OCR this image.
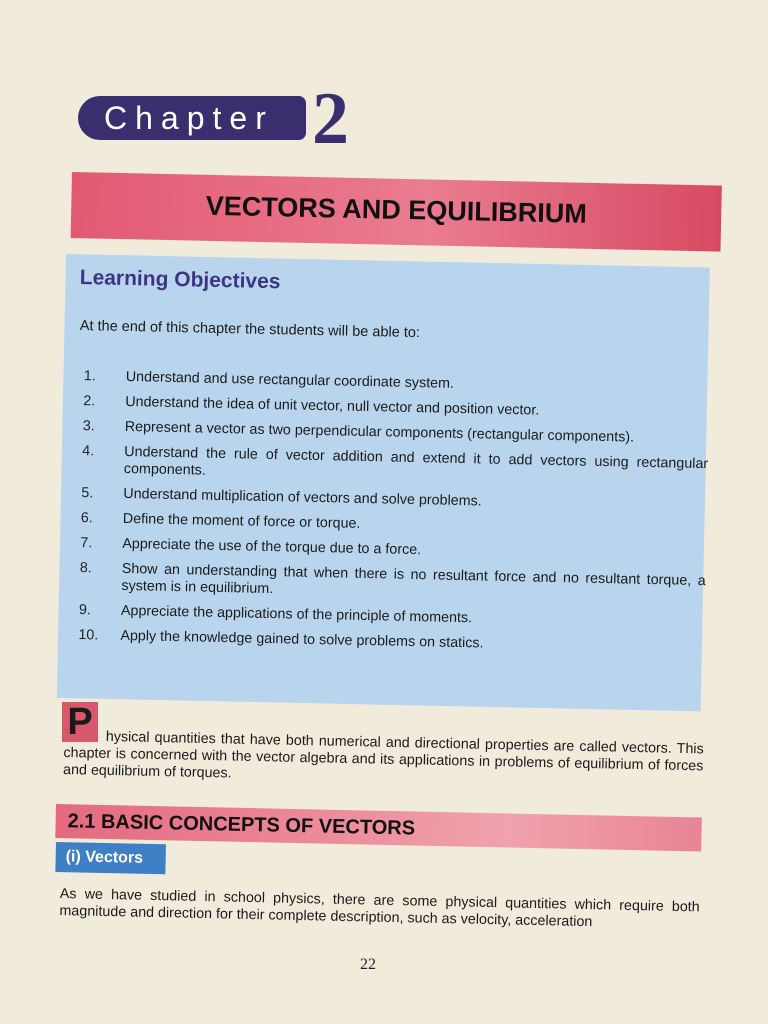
Chapter 2
VECTORS AND EQUILIBRIUM
Learning Objectives
At the end of this chapter the students will be able to:
1.	Understand and use rectangular coordinate system.
2.	Understand the idea of unit vector, null vector and position vector.
3.	Represent a vector as two perpendicular components (rectangular components).
4.	Understand the rule of vector addition and extend it to add vectors using rectangular components.
5.	Understand multiplication of vectors and solve problems.
6.	Define the moment of force or torque.
7.	Appreciate the use of the torque due to a force.
8.	Show an understanding that when there is no resultant force and no resultant torque, a system is in equilibrium.
9.	Appreciate the applications of the principle of moments.
10.	Apply the knowledge gained to solve problems on statics.
P
hysical quantities that have both numerical and directional properties are called vectors. This chapter is concerned with the vector algebra and its applications in problems of equilibrium of forces and equilibrium of torques.
2.1 BASIC CONCEPTS OF VECTORS
(i) Vectors
As we have studied in school physics, there are some physical quantities which require both magnitude and direction for their complete description, such as velocity, acceleration
22
